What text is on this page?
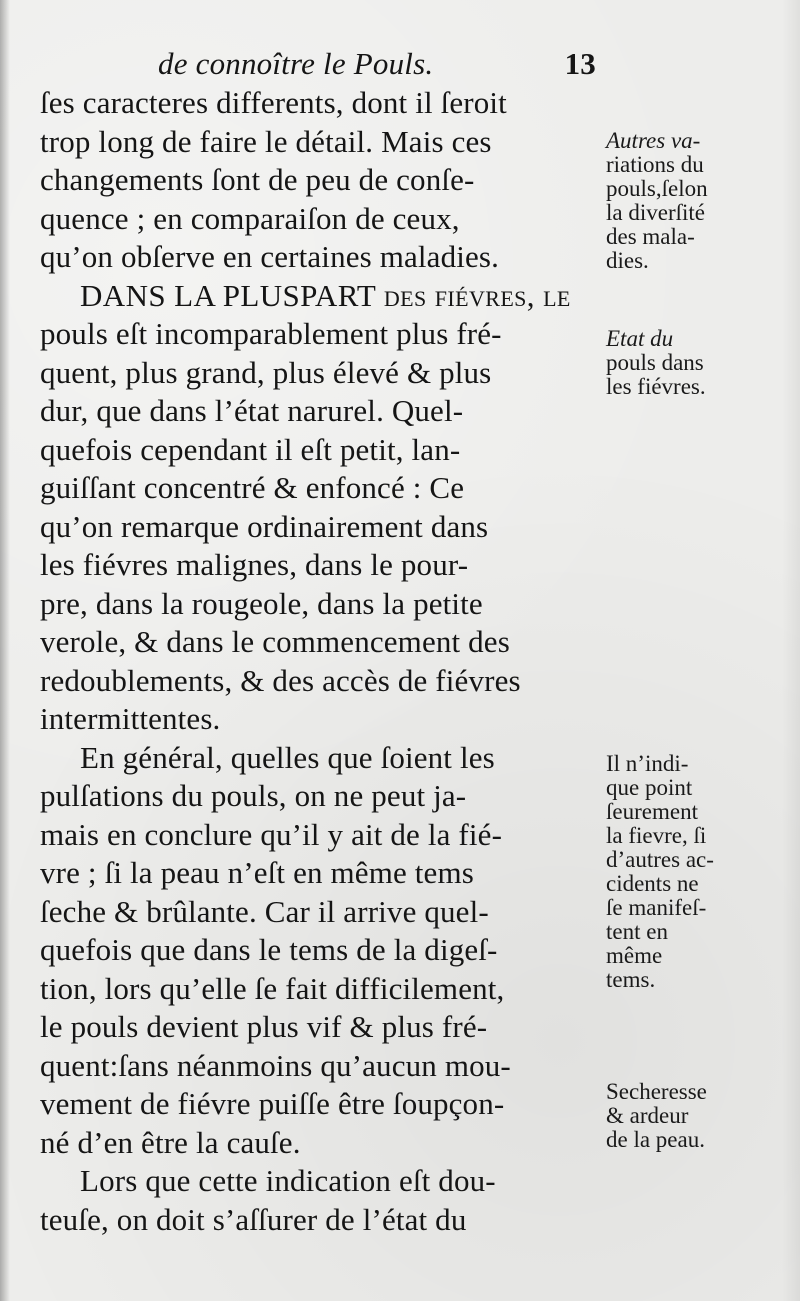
de connoître le Pouls.	13
ſes caracteres differents, dont il ſeroit
trop long de faire le détail. Mais ces
changements ſont de peu de conſe-
quence ; en comparaiſon de ceux,
qu’on obſerve en certaines maladies.
DANS LA PLUSPART des fiévres, le
pouls eſt incomparablement plus fré-
quent, plus grand, plus élevé & plus
dur, que dans l’état narurel. Quel-
quefois cependant il eſt petit, lan-
guiſſant concentré & enfoncé : Ce
qu’on remarque ordinairement dans
les fiévres malignes, dans le pour-
pre, dans la rougeole, dans la petite
verole, & dans le commencement des
redoublements, & des accès de fiévres
intermittentes.
En général, quelles que ſoient les
pulſations du pouls, on ne peut ja-
mais en conclure qu’il y ait de la fié-
vre ; ſi la peau n’eſt en même tems
ſeche & brûlante. Car il arrive quel-
quefois que dans le tems de la digeſ-
tion, lors qu’elle ſe fait difficilement,
le pouls devient plus vif & plus fré-
quent:ſans néanmoins qu’aucun mou-
vement de fiévre puiſſe être ſoupçon-
né d’en être la cauſe.
Lors que cette indication eſt dou-
teuſe, on doit s’aſſurer de l’état du
Autres va-
riations du
pouls,ſelon
la diverſité
des mala-
dies.
Etat du
pouls dans
les fiévres.
Il n’indi-
que point
ſeurement
la fievre, ſi
d’autres ac-
cidents ne
ſe manifeſ-
tent en
même
tems.
Secheresse
& ardeur
de la peau.
